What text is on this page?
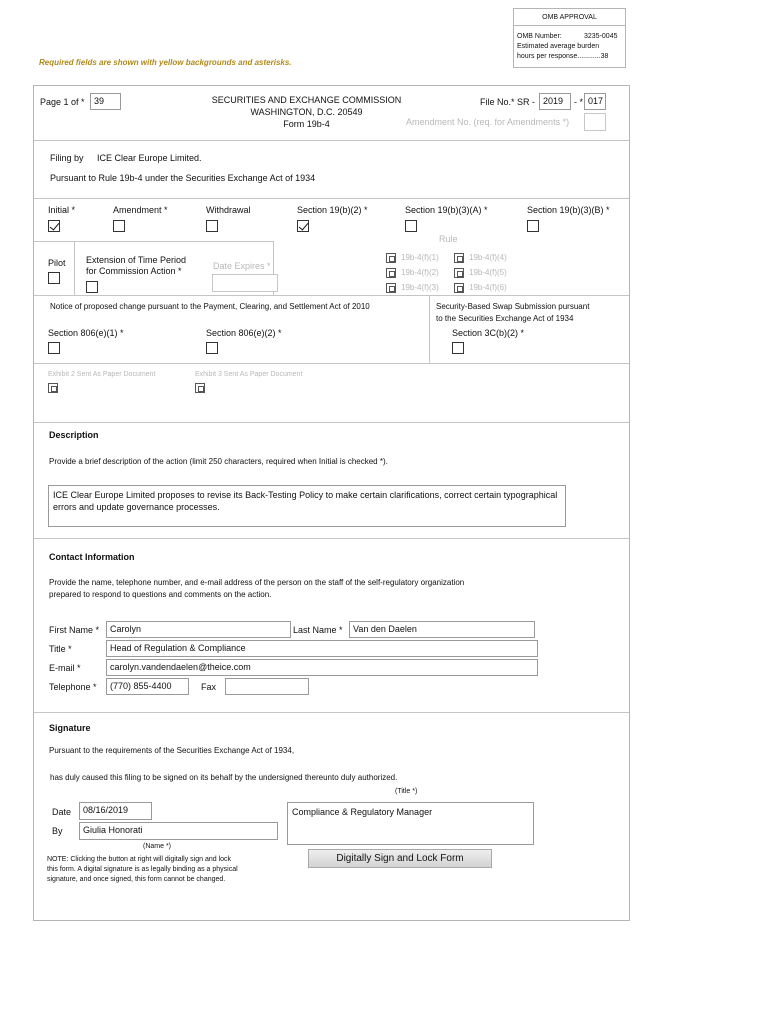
OMB APPROVAL
OMB Number:	3235-0045
Estimated average burden
hours per response............38
Required fields are shown with yellow backgrounds and asterisks.
Page 1 of *	39	SECURITIES AND EXCHANGE COMMISSION
WASHINGTON, D.C. 20549
Form 19b-4
File No.* SR - 2019	- * 017
Amendment No. (req. for Amendments *)
Filing by ICE Clear Europe Limited.
Pursuant to Rule 19b-4 under the Securities Exchange Act of 1934
Initial *	Amendment *	Withdrawal	Section 19(b)(2) *	Section 19(b)(3)(A) *	Section 19(b)(3)(B) *
Pilot Extension of Time Period
for Commission Action *	Date Expires *
Rule
19b-4(f)(1)
19b-4(f)(2)
19b-4(f)(3)
19b-4(f)(4)
19b-4(f)(5)
19b-4(f)(6)
Notice of proposed change pursuant to the Payment, Clearing, and Settlement Act of 2010
Section 806(e)(1) *	Section 806(e)(2) *
Security-Based Swap Submission pursuant
to the Securities Exchange Act of 1934
Section 3C(b)(2) *
Exhibit 2 Sent As Paper Document	Exhibit 3 Sent As Paper Document
Description
Provide a brief description of the action (limit 250 characters, required when Initial is checked *).
ICE Clear Europe Limited proposes to revise its Back-Testing Policy to make certain clarifications, correct certain typographical errors and update governance processes.
Contact Information
Provide the name, telephone number, and e-mail address of the person on the staff of the self-regulatory organization
prepared to respond to questions and comments on the action.
First Name *	Carolyn	Last Name *	Van den Daelen
Title *	Head of Regulation & Compliance
E-mail *	carolyn.vandendaelen@theice.com
Telephone *	(770) 855-4400	Fax
Signature
Pursuant to the requirements of the Securities Exchange Act of 1934,
has duly caused this filing to be signed on its behalf by the undersigned thereunto duly authorized.
(Title *)
Date	08/16/2019
By	Giulia Honorati
Compliance & Regulatory Manager
(Name *)
NOTE: Clicking the button at right will digitally sign and lock
this form. A digital signature is as legally binding as a physical
signature, and once signed, this form cannot be changed.
Digitally Sign and Lock Form
